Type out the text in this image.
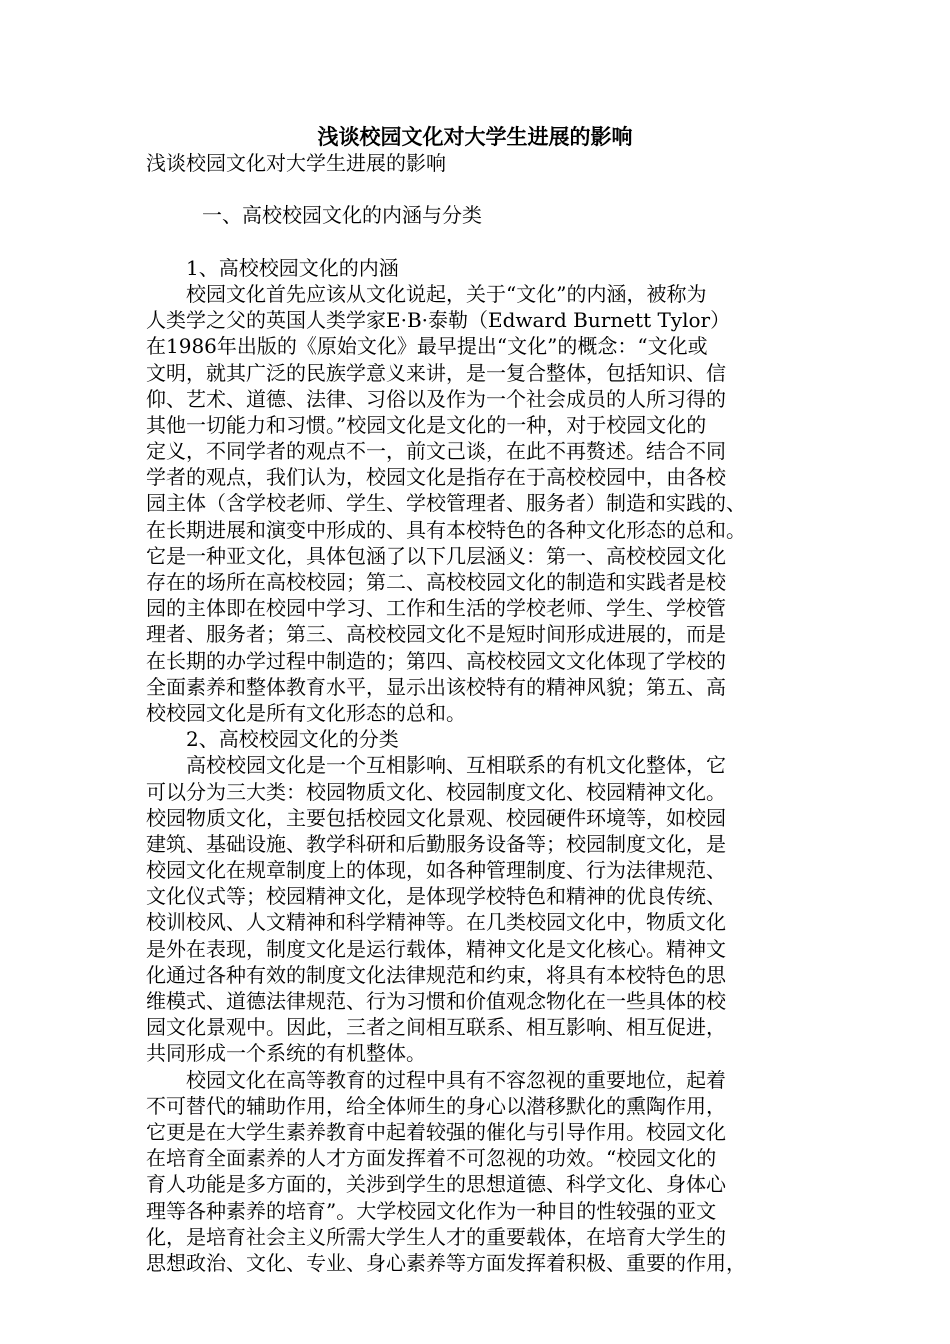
浅谈校园文化对大学生进展的影响
浅谈校园文化对大学生进展的影响
一、高校校园文化的内涵与分类
1、高校校园文化的内涵
校园文化首先应该从文化说起，关于“文化”的内涵，被称为
人类学之父的英国人类学家E·B·泰勒（Edward Burnett Tylor）
在1986年出版的《原始文化》最早提出“文化”的概念：“文化或
文明，就其广泛的民族学意义来讲，是一复合整体，包括知识、信
仰、艺术、道德、法律、习俗以及作为一个社会成员的人所习得的
其他一切能力和习惯。”校园文化是文化的一种，对于校园文化的
定义，不同学者的观点不一，前文己谈，在此不再赘述。结合不同
学者的观点，我们认为，校园文化是指存在于高校校园中，由各校
园主体（含学校老师、学生、学校管理者、服务者）制造和实践的、
在长期进展和演变中形成的、具有本校特色的各种文化形态的总和。
它是一种亚文化，具体包涵了以下几层涵义：第一、高校校园文化
存在的场所在高校校园；第二、高校校园文化的制造和实践者是校
园的主体即在校园中学习、工作和生活的学校老师、学生、学校管
理者、服务者；第三、高校校园文化不是短时间形成进展的，而是
在长期的办学过程中制造的；第四、高校校园文文化体现了学校的
全面素养和整体教育水平，显示出该校特有的精神风貌；第五、高
校校园文化是所有文化形态的总和。
2、高校校园文化的分类
高校校园文化是一个互相影响、互相联系的有机文化整体，它
可以分为三大类：校园物质文化、校园制度文化、校园精神文化。
校园物质文化，主要包括校园文化景观、校园硬件环境等，如校园
建筑、基础设施、教学科研和后勤服务设备等；校园制度文化，是
校园文化在规章制度上的体现，如各种管理制度、行为法律规范、
文化仪式等；校园精神文化，是体现学校特色和精神的优良传统、
校训校风、人文精神和科学精神等。在几类校园文化中，物质文化
是外在表现，制度文化是运行载体，精神文化是文化核心。精神文
化通过各种有效的制度文化法律规范和约束，将具有本校特色的思
维模式、道德法律规范、行为习惯和价值观念物化在一些具体的校
园文化景观中。因此，三者之间相互联系、相互影响、相互促进，
共同形成一个系统的有机整体。
校园文化在高等教育的过程中具有不容忽视的重要地位，起着
不可替代的辅助作用，给全体师生的身心以潜移默化的熏陶作用，
它更是在大学生素养教育中起着较强的催化与引导作用。校园文化
在培育全面素养的人才方面发挥着不可忽视的功效。“校园文化的
育人功能是多方面的，关涉到学生的思想道德、科学文化、身体心
理等各种素养的培育”。大学校园文化作为一种目的性较强的亚文
化，是培育社会主义所需大学生人才的重要载体，在培育大学生的
思想政治、文化、专业、身心素养等方面发挥着积极、重要的作用，
